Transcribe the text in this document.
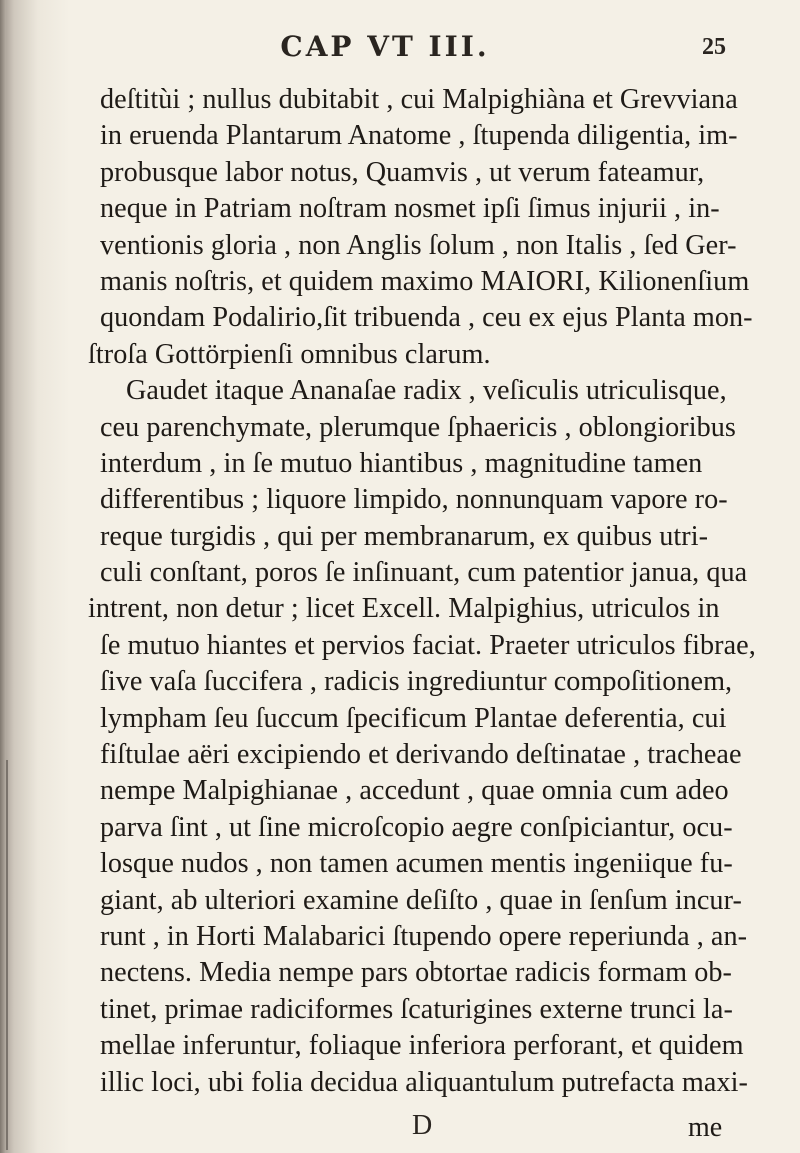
CAP VT III.	25
deſtitùi ; nullus dubitabit , cui Malpighiàna et Grevviana
in eruenda Plantarum Anatome , ſtupenda diligentia, im-
probusque labor notus, Quamvis , ut verum fateamur,
neque in Patriam noſtram nosmet ipſi ſimus injurii , in-
ventionis gloria , non Anglis ſolum , non Italis , ſed Ger-
manis noſtris, et quidem maximo MAIORI, Kilionenſium
quondam Podalirio,ſit tribuenda , ceu ex ejus Planta mon-
ſtroſa Gottörpienſi omnibus clarum.
Gaudet itaque Ananaſae radix , veſiculis utriculisque,
ceu parenchymate, plerumque ſphaericis , oblongioribus
interdum , in ſe mutuo hiantibus , magnitudine tamen
differentibus ; liquore limpido, nonnunquam vapore ro-
reque turgidis , qui per membranarum, ex quibus utri-
culi conſtant, poros ſe inſinuant, cum patentior janua, qua
intrent, non detur ; licet Excell. Malpighius, utriculos in
ſe mutuo hiantes et pervios faciat. Praeter utriculos fibrae,
ſive vaſa ſuccifera , radicis ingrediuntur compoſitionem,
lympham ſeu ſuccum ſpecificum Plantae deferentia, cui
fiſtulae aëri excipiendo et derivando deſtinatae , tracheae
nempe Malpighianae , accedunt , quae omnia cum adeo
parva ſint , ut ſine microſcopio aegre conſpiciantur, ocu-
losque nudos , non tamen acumen mentis ingeniique fu-
giant, ab ulteriori examine deſiſto , quae in ſenſum incur-
runt , in Horti Malabarici ſtupendo opere reperiunda , an-
nectens. Media nempe pars obtortae radicis formam ob-
tinet, primae radiciformes ſcaturigines externe trunci la-
mellae inferuntur, foliaque inferiora perforant, et quidem
illic loci, ubi folia decidua aliquantulum putrefacta maxi-
D	me
